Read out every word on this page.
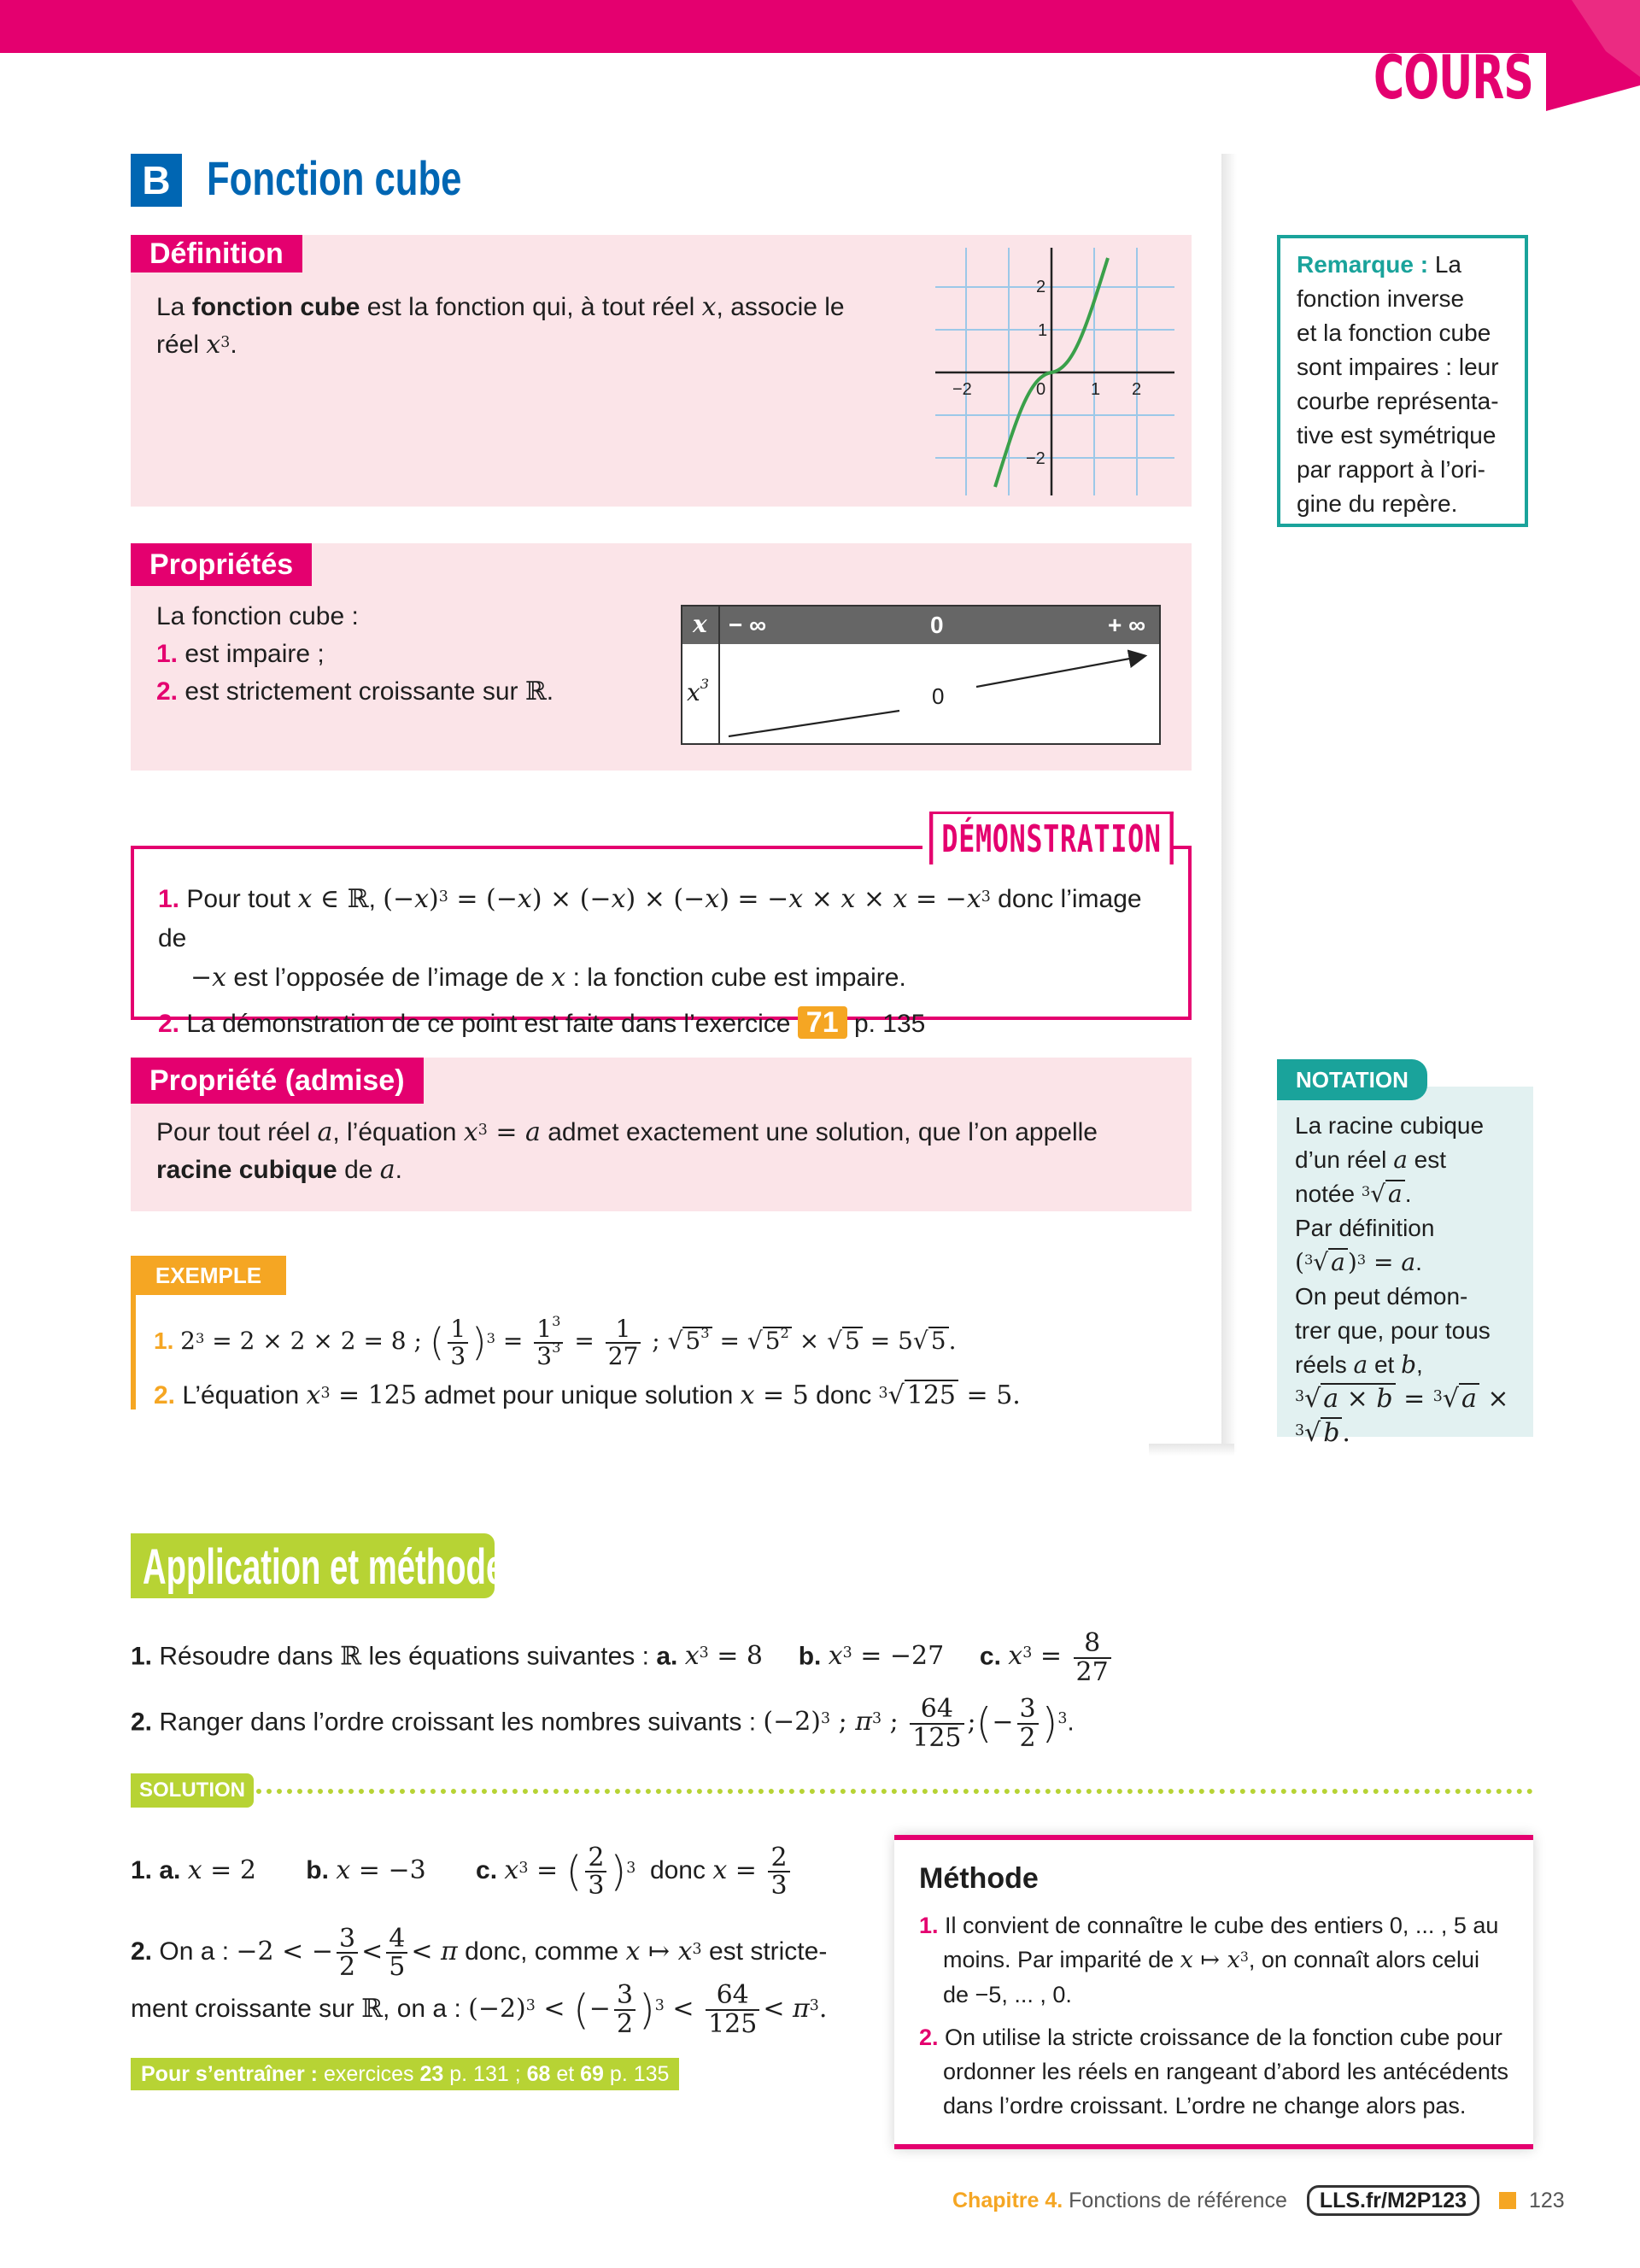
COURS
B Fonction cube
Définition
La fonction cube est la fonction qui, à tout réel x, associe le
réel $x^3$.
−2	0	1 2
2
1
−2
Remarque : La
fonction inverse
et la fonction cube
sont impaires : leur
courbe représenta-
tive est symétrique
par rapport à l’ori-
gine du repère.
Propriétés
La fonction cube :
1. est impaire ;
2. est strictement croissante sur ℝ.
x − ∞	0	+ ∞
$x^3$	0
DÉMONSTRATION
1. Pour tout x ∈ ℝ, $(-x)^3 = (-x) \times (-x) \times (-x) = -x \times x \times x = -x^3$ donc l’image de
−x est l’opposée de l’image de x : la fonction cube est impaire.

2. La démonstration de ce point est faite dans l’exercice 71 p. 135
Propriété (admise)
Pour tout réel a, l’équation $x^3 = a$ admet exactement une solution, que l’on appelle
racine cubique de a.
NOTATION
La racine cubique
d’un réel a est
notée $^3$√ a .
Par définition
($^3$√ a )$^3$ = a.
On peut démon-
trer que, pour tous
réels a et b,
$^3$√ a × b = $^3$√ a × $^3$√ b .
EXEMPLE
1. $2^3 = 2 \times 2 \times 2 = 8$ ; ( $\frac{1}{3} )^3 = \frac{1^3}{3^3} = \frac{1}{27}$ ; √ $5^3$ = √ $5^2$ × √ 5 = 5√ 5 .
2. L’équation $x^3 = 125$ admet pour unique solution x = 5 donc $^3$√ 125 = 5.
Application et méthode
1. Résoudre dans ℝ les équations suivantes : a. $x^3 = 8$ b. $x^3 = -27$ c. $x^3 = \frac{8}{27}$
2. Ranger dans l’ordre croissant les nombres suivants : $(-2)^3$ ; $\pi^3$ ; $\frac{64}{125}$ ;(− $\frac{3}{2} )^3$.
SOLUTION
1. a. x = 2 b. x = −3 c. $x^3$ = ( $\frac{2}{3} )^3$ donc $x = \frac{2}{3}$
2. On a : −2 < − $\frac{3}{2} < \frac{4}{5} < \pi$ donc, comme x ↦ $x^3$ est stricte-
ment croissante sur ℝ, on a : $(-2)^3$ < (− $\frac{3}{2} )^3 < \frac{64}{125} < \pi^3$.
Pour s’entraîner : exercices 23 p. 131 ; 68 et 69 p. 135
Méthode
1. Il convient de connaître le cube des entiers 0, ... , 5 au
moins. Par imparité de x ↦ $x^3$, on connaît alors celui
de −5, ... , 0.

2. On utilise la stricte croissance de la fonction cube pour
ordonner les réels en rangeant d’abord les antécédents
dans l’ordre croissant. L’ordre ne change alors pas.
Chapitre 4. Fonctions de référence LLS.fr/M2P123	123
